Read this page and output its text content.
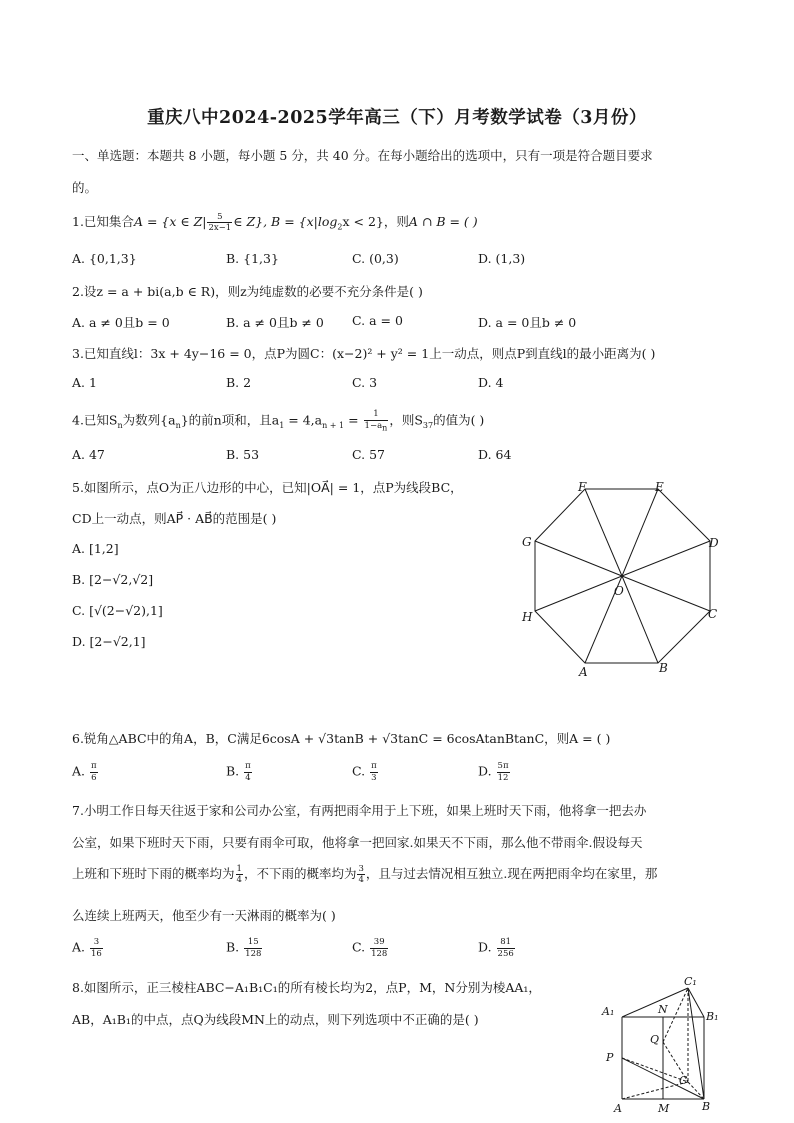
重庆八中2024-2025学年高三（下）月考数学试卷（3月份）
一、单选题：本题共 8 小题，每小题 5 分，共 40 分。在每小题给出的选项中，只有一项是符合题目要求
的。
1.已知集合A = {x ∈ $Z| \frac{5}{2x-1}$ ∈ Z}, $B = \{x|\log_2x < 2\}$，则A ∩ B = ( )
A. {0,1,3}	B. {1,3}	C. (0,3)	D. (1,3)
2.设z = a + bi(a,b ∈ R)，则z为纯虚数的必要不充分条件是( )
A. a ≠ 0且b = 0	B. a ≠ 0且b ≠ 0 C. a = 0	D. a = 0且b ≠ 0
3.已知直线l：3x + 4y−16 = 0，点P为圆C：(x−2)² + y² = 1上一动点，则点P到直线l的最小距离为( )
A. 1	B. 2	C. 3	D. 4
4.已知$S_n$为数列$\{a_n\}$的前n项和，且$a_1 = 4,a_{n + 1} = \frac{1}{1-a_n}$ ，则$S_{37}$的值为( )
A. 47	B. 53	C. 57	D. 64
5.如图所示，点O为正八边形的中心，已知|OA⃗| = 1，点P为线段BC，
CD上一动点，则AP⃗ · AB⃗的范围是( )
A. [1,2]
B. [2−√2,√2]
C. [√(2−√2),1]
D. [2−√2,1]
F	E
G	D
O
H	C
A	B
6.锐角△ABC中的角A，B，C满足6cosA + √3tanB + √3tanC = 6cosAtanBtanC，则A = ( )
A. $\frac{\pi}{6}$	B. $\frac{\pi}{4}$	C. $\frac{\pi}{3}$	D. $\frac{5\pi}{12}$
7.小明工作日每天往返于家和公司办公室，有两把雨伞用于上下班，如果上班时天下雨，他将拿一把去办
公室，如果下班时天下雨，只要有雨伞可取，他将拿一把回家.如果天不下雨，那么他不带雨伞.假设每天
上班和下班时下雨的概率均为 $\frac{1}{4}$ ，不下雨的概率均为 $\frac{3}{4}$ ，且与过去情况相互独立.现在两把雨伞均在家里，那
么连续上班两天，他至少有一天淋雨的概率为( )
A. $\frac{3}{16}$	B. $\frac{15}{128}$	C. $\frac{39}{128}$	D. $\frac{81}{256}$
8.如图所示，正三棱柱ABC−A₁B₁C₁的所有棱长均为2，点P，M，N分别为棱AA₁，
AB，A₁B₁的中点，点Q为线段MN上的动点，则下列选项中不正确的是( )
C₁
A₁	N
B₁
Q
P
C
A	M	B
